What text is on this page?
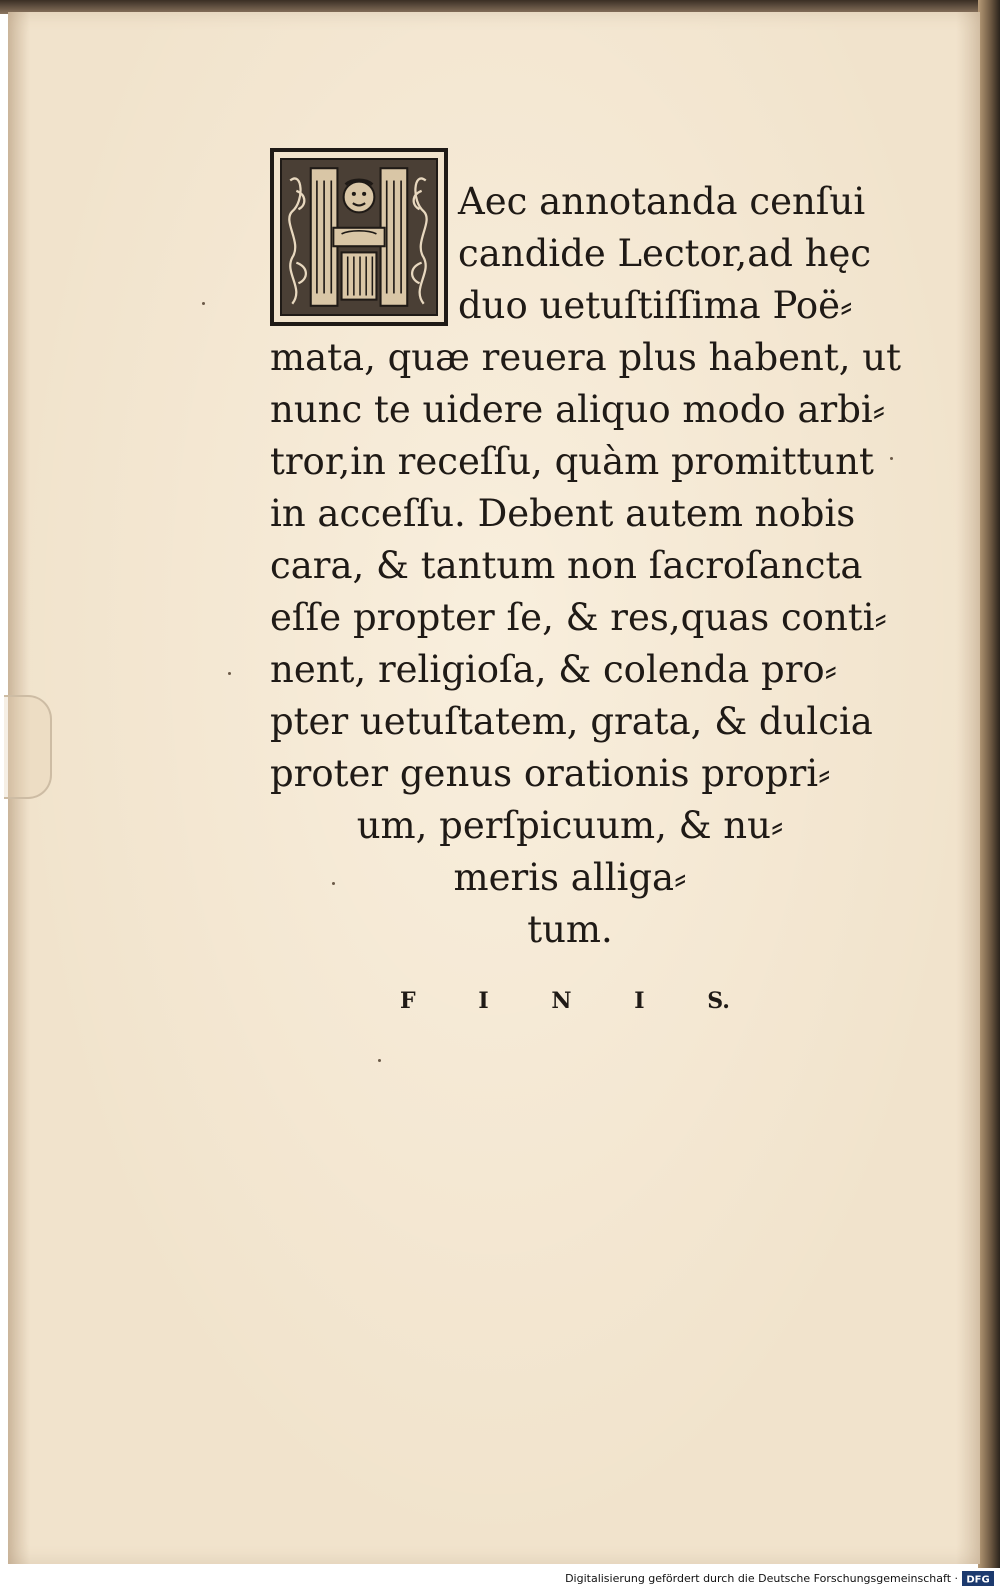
Aec annotanda cenſui
candide Lector,ad hęc
duo uetuſtiſſima Poë⸗
mata, quæ reuera plus habent, ut
nunc te uidere aliquo modo arbi⸗
tror,in receſſu, quàm promittunt
in acceſſu. Debent autem nobis
cara, & tantum non ſacroſancta
eſſe propter ſe, & res,quas conti⸗
nent, religioſa, & colenda pro⸗
pter uetuſtatem, grata, & dulcia
proter genus orationis propri⸗
um, perſpicuum, & nu⸗
meris alliga⸗
tum.
F	I	N	I	S.
Digitalisierung gefördert durch die Deutsche Forschungsgemeinschaft · DFG
